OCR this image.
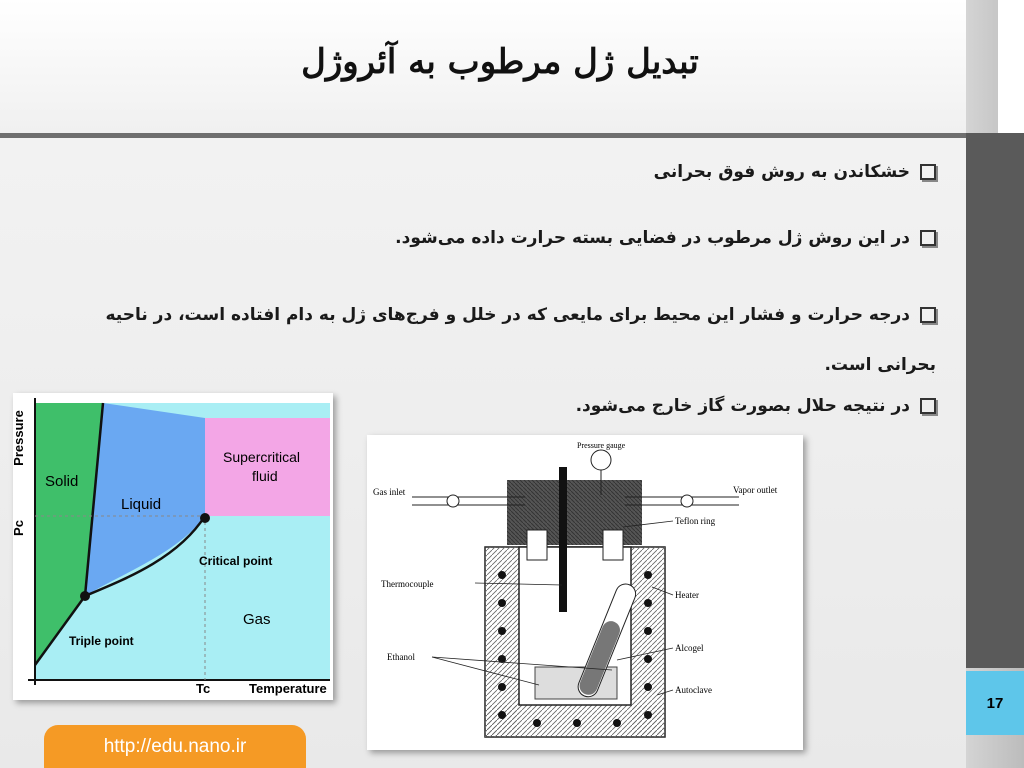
تبدیل ژل مرطوب به آئروژل
خشکاندن به روش فوق بحرانی
در این روش ژل مرطوب در فضایی بسته حرارت داده می‌شود.
درجه حرارت و فشار این محیط برای مایعی که در خلل و فرج‌های ژل به دام افتاده است، در ناحیه بحرانی است.
در نتیجه حلال بصورت گاز خارج می‌شود.
Pressure
Pc
Tc	Temperature
Solid
Liquid
Supercritical
fluid
Gas
Critical point
Triple point
Pressure gauge
Gas inlet	Vapor outlet
Teflon ring
Thermocouple
Heater
Alcogel
Ethanol
Autoclave
17
http://edu.nano.ir
